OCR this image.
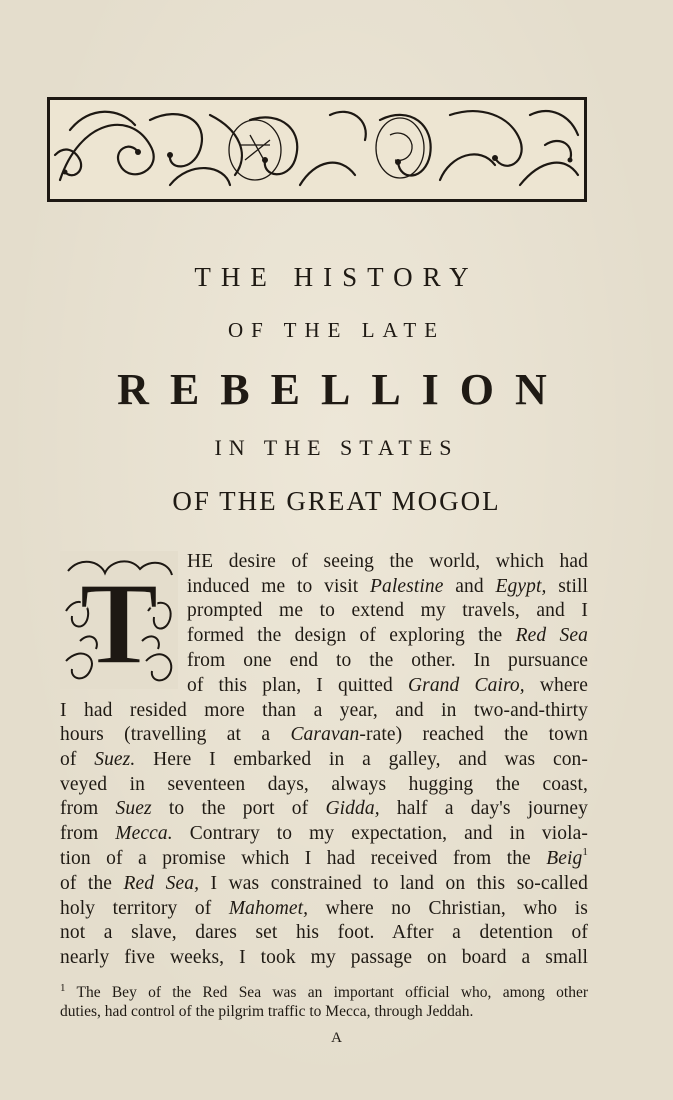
THE HISTORY
OF THE LATE
REBELLION
IN THE STATES
OF THE GREAT MOGOL
T HE desire of seeing the world, which had
induced me to visit Palestine and Egypt, still
prompted me to extend my travels, and I
formed the design of exploring the Red Sea
from one end to the other. In pursuance
of this plan, I quitted Grand Cairo, where
I had resided more than a year, and in two-and-thirty
hours (travelling at a Caravan-rate) reached the town
of Suez. Here I embarked in a galley, and was con-
veyed in seventeen days, always hugging the coast,
from Suez to the port of Gidda, half a day's journey
from Mecca. Contrary to my expectation, and in viola-
tion of a promise which I had received from the Beig$^1$
of the Red Sea, I was constrained to land on this so-called
holy territory of Mahomet, where no Christian, who is
not a slave, dares set his foot. After a detention of
nearly five weeks, I took my passage on board a small
$^1$ The Bey of the Red Sea was an important official who, among other
duties, had control of the pilgrim traffic to Mecca, through Jeddah.
A
